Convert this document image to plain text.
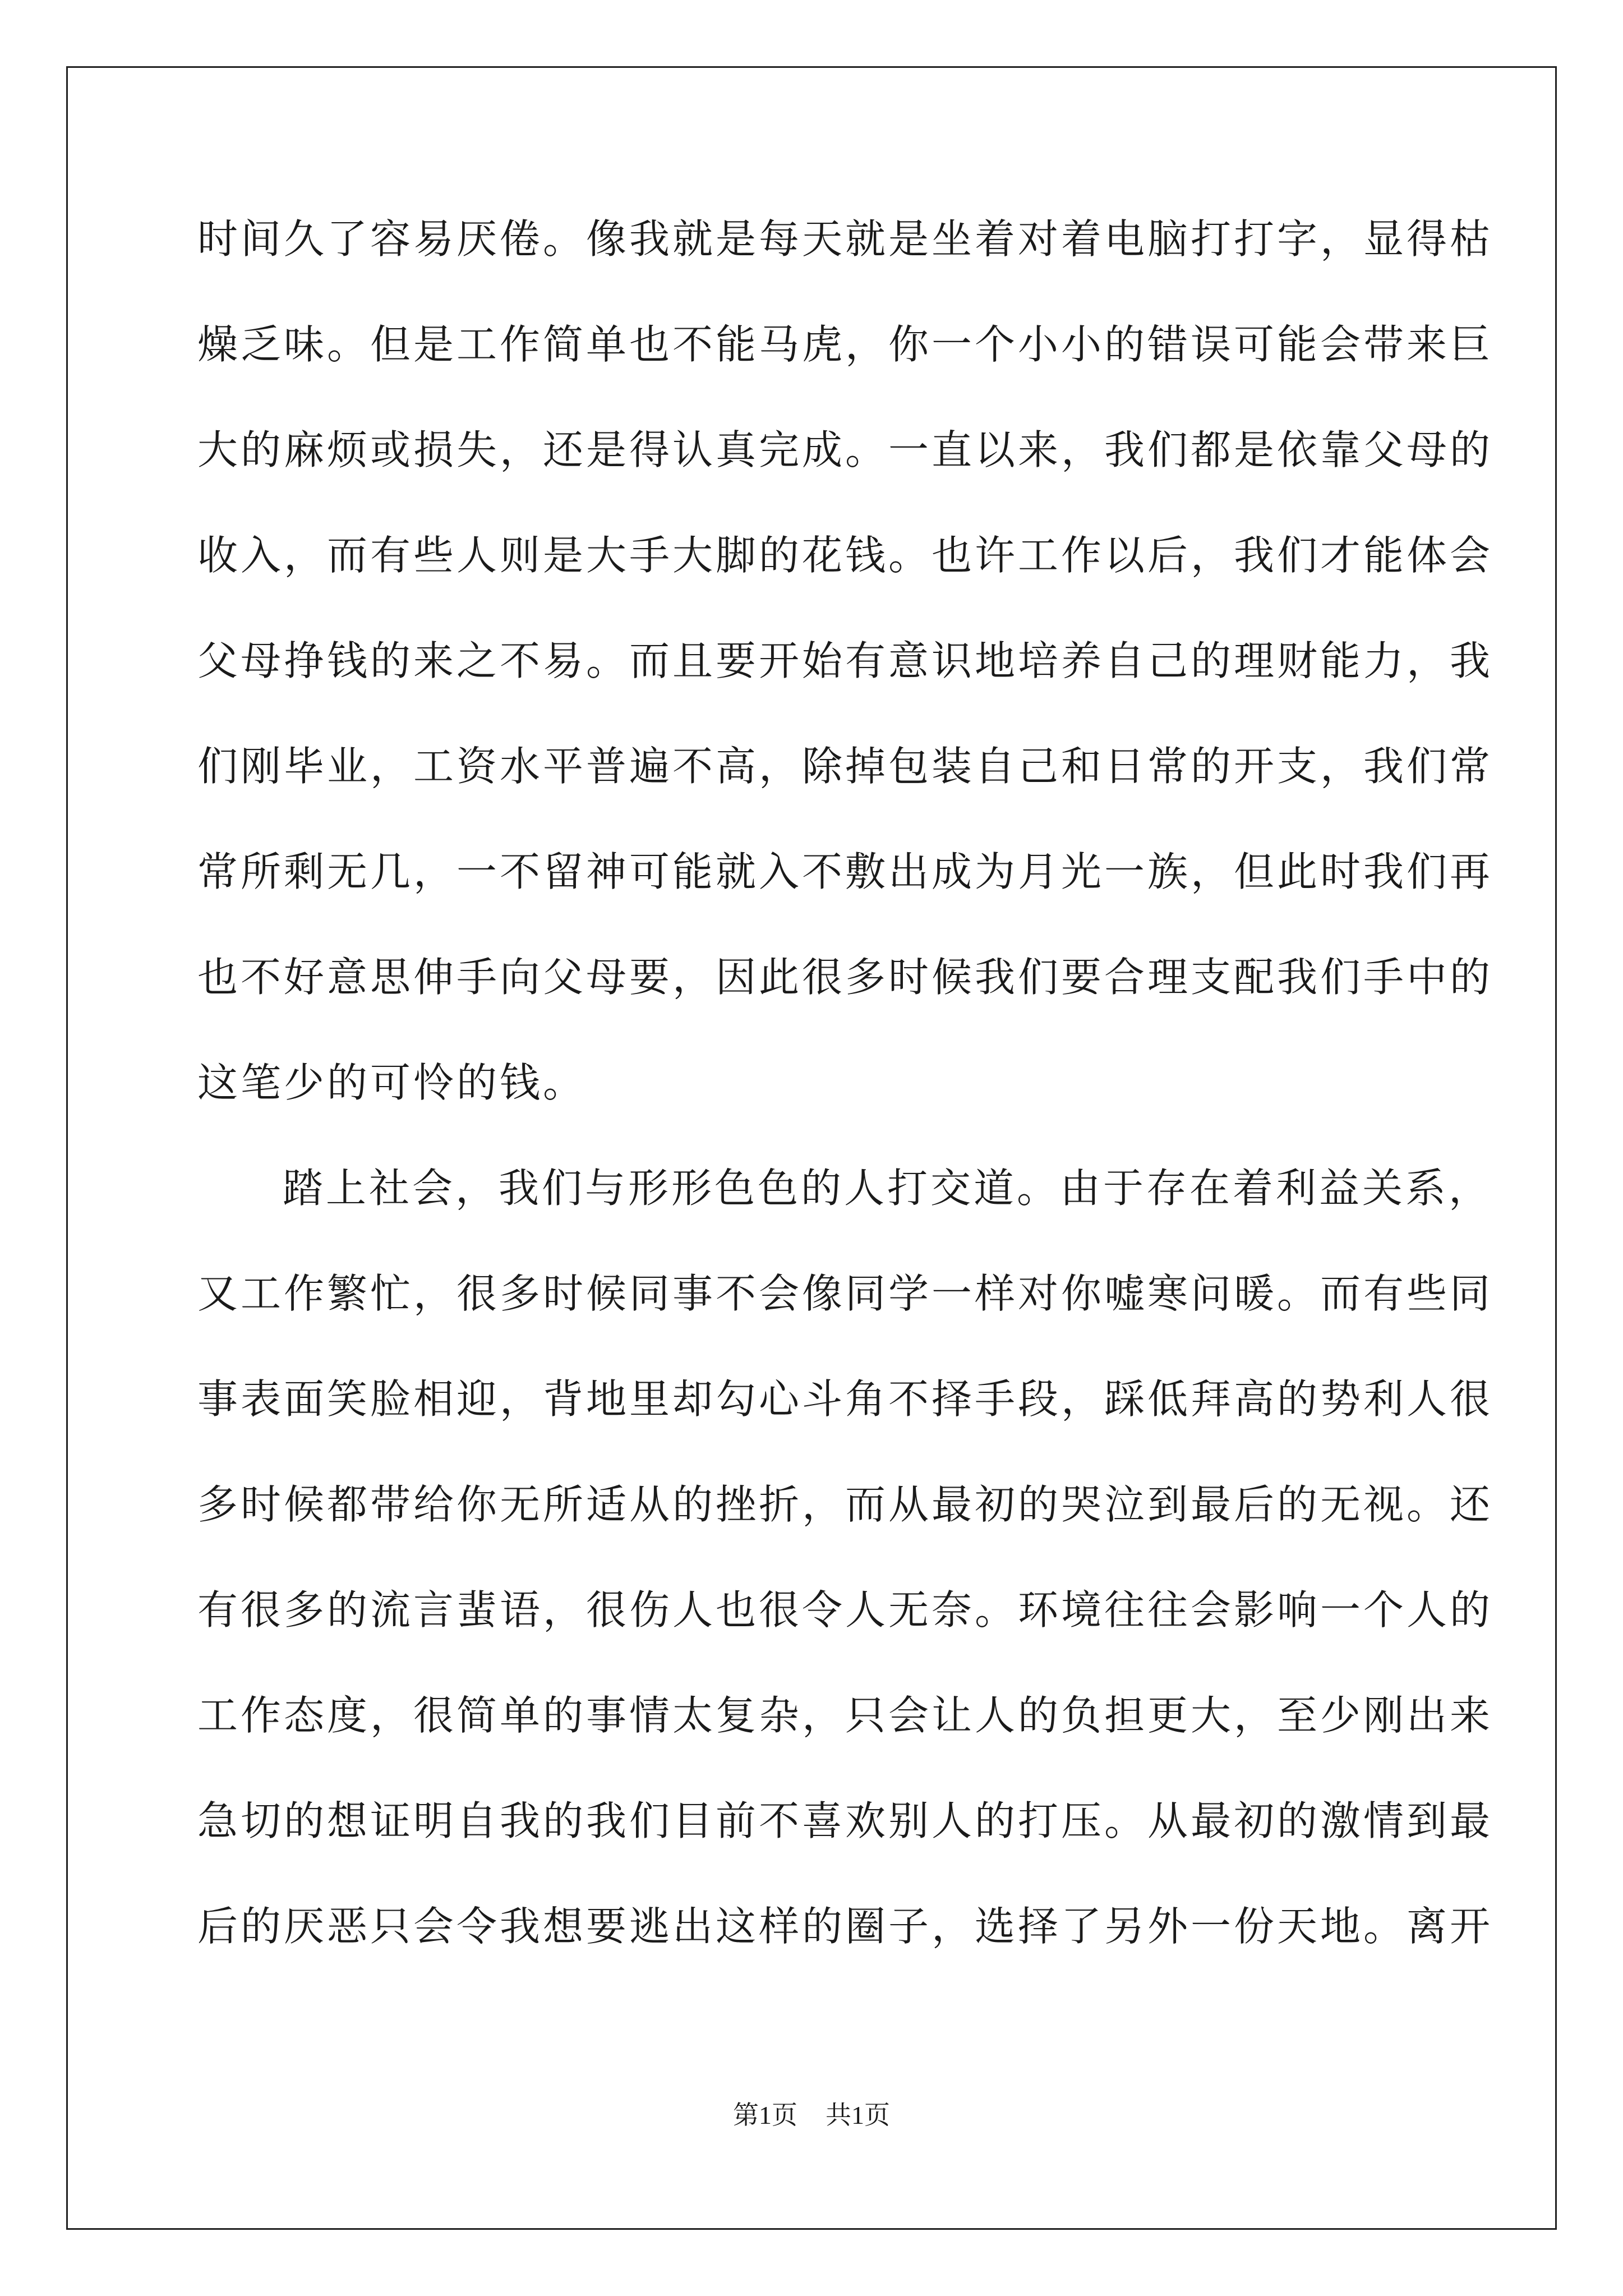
时间久了容易厌倦。像我就是每天就是坐着对着电脑打打字，显得枯
燥乏味。但是工作简单也不能马虎，你一个小小的错误可能会带来巨
大的麻烦或损失，还是得认真完成。一直以来，我们都是依靠父母的
收入，而有些人则是大手大脚的花钱。也许工作以后，我们才能体会
父母挣钱的来之不易。而且要开始有意识地培养自己的理财能力，我
们刚毕业，工资水平普遍不高，除掉包装自己和日常的开支，我们常
常所剩无几，一不留神可能就入不敷出成为月光一族，但此时我们再
也不好意思伸手向父母要，因此很多时候我们要合理支配我们手中的
这笔少的可怜的钱。
踏上社会，我们与形形色色的人打交道。由于存在着利益关系，
又工作繁忙，很多时候同事不会像同学一样对你嘘寒问暖。而有些同
事表面笑脸相迎，背地里却勾心斗角不择手段，踩低拜高的势利人很
多时候都带给你无所适从的挫折，而从最初的哭泣到最后的无视。还
有很多的流言蜚语，很伤人也很令人无奈。环境往往会影响一个人的
工作态度，很简单的事情太复杂，只会让人的负担更大，至少刚出来
急切的想证明自我的我们目前不喜欢别人的打压。从最初的激情到最
后的厌恶只会令我想要逃出这样的圈子，选择了另外一份天地。离开
第1页 共1页
